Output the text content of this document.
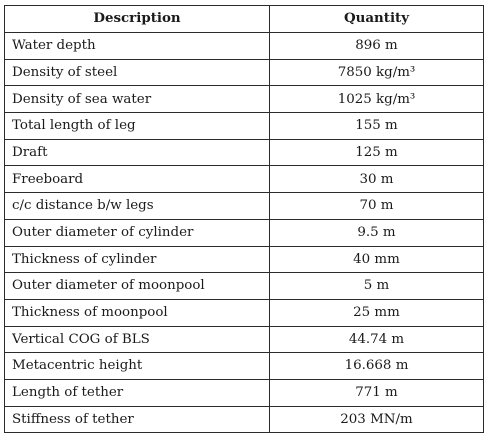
Description	Quantity
Water depth	896 m
Density of steel	7850 kg/m³
Density of sea water	1025 kg/m³
Total length of leg	155 m
Draft	125 m
Freeboard	30 m
c/c distance b/w legs	70 m
Outer diameter of cylinder	9.5 m
Thickness of cylinder	40 mm
Outer diameter of moonpool	5 m
Thickness of moonpool	25 mm
Vertical COG of BLS	44.74 m
Metacentric height	16.668 m
Length of tether	771 m
Stiffness of tether	203 MN/m
